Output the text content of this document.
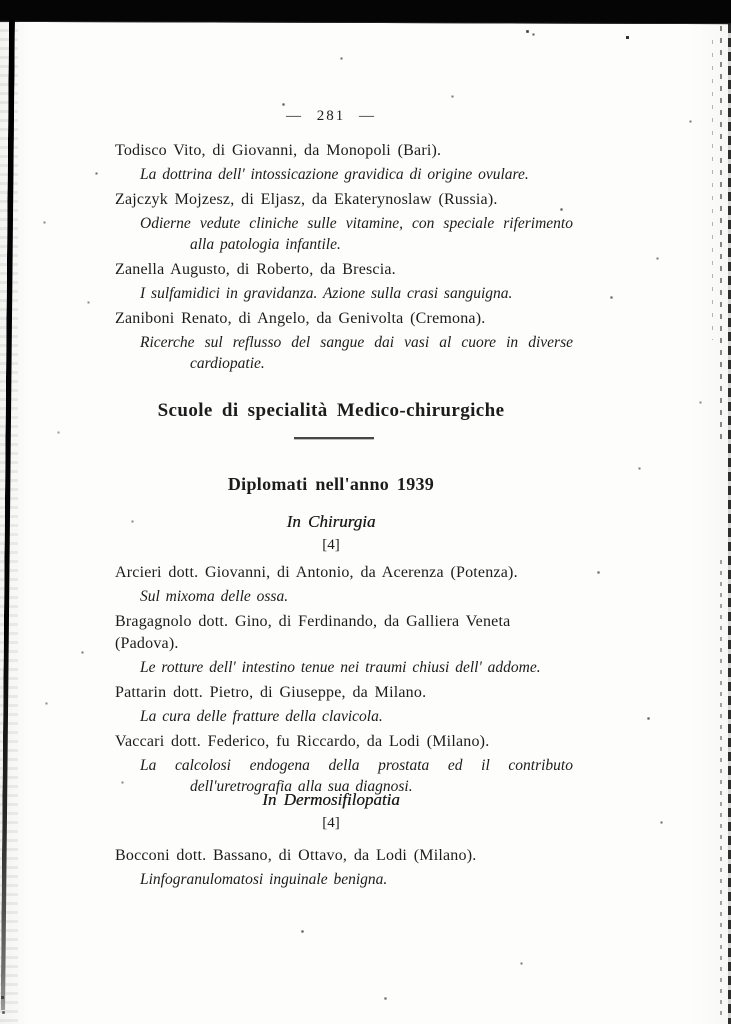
— 281 —
Todisco Vito, di Giovanni, da Monopoli (Bari).
La dottrina dell' intossicazione gravidica di origine ovulare.
Zajczyk Mojzesz, di Eljasz, da Ekaterynoslaw (Russia).
Odierne vedute cliniche sulle vitamine, con speciale riferimento alla patologia infantile.
Zanella Augusto, di Roberto, da Brescia.
I sulfamidici in gravidanza. Azione sulla crasi sanguigna.
Zaniboni Renato, di Angelo, da Genivolta (Cremona).
Ricerche sul reflusso del sangue dai vasi al cuore in diverse cardiopatie.
Scuole di specialità Medico-chirurgiche
Diplomati nell'anno 1939
In Chirurgia
[4]
Arcieri dott. Giovanni, di Antonio, da Acerenza (Potenza).
Sul mixoma delle ossa.
Bragagnolo dott. Gino, di Ferdinando, da Galliera Veneta (Padova).
Le rotture dell' intestino tenue nei traumi chiusi dell' addome.
Pattarin dott. Pietro, di Giuseppe, da Milano.
La cura delle fratture della clavicola.
Vaccari dott. Federico, fu Riccardo, da Lodi (Milano).
La calcolosi endogena della prostata ed il contributo dell'uretrografia alla sua diagnosi.
In Dermosifilopatia
[4]
Bocconi dott. Bassano, di Ottavo, da Lodi (Milano).
Linfogranulomatosi inguinale benigna.
